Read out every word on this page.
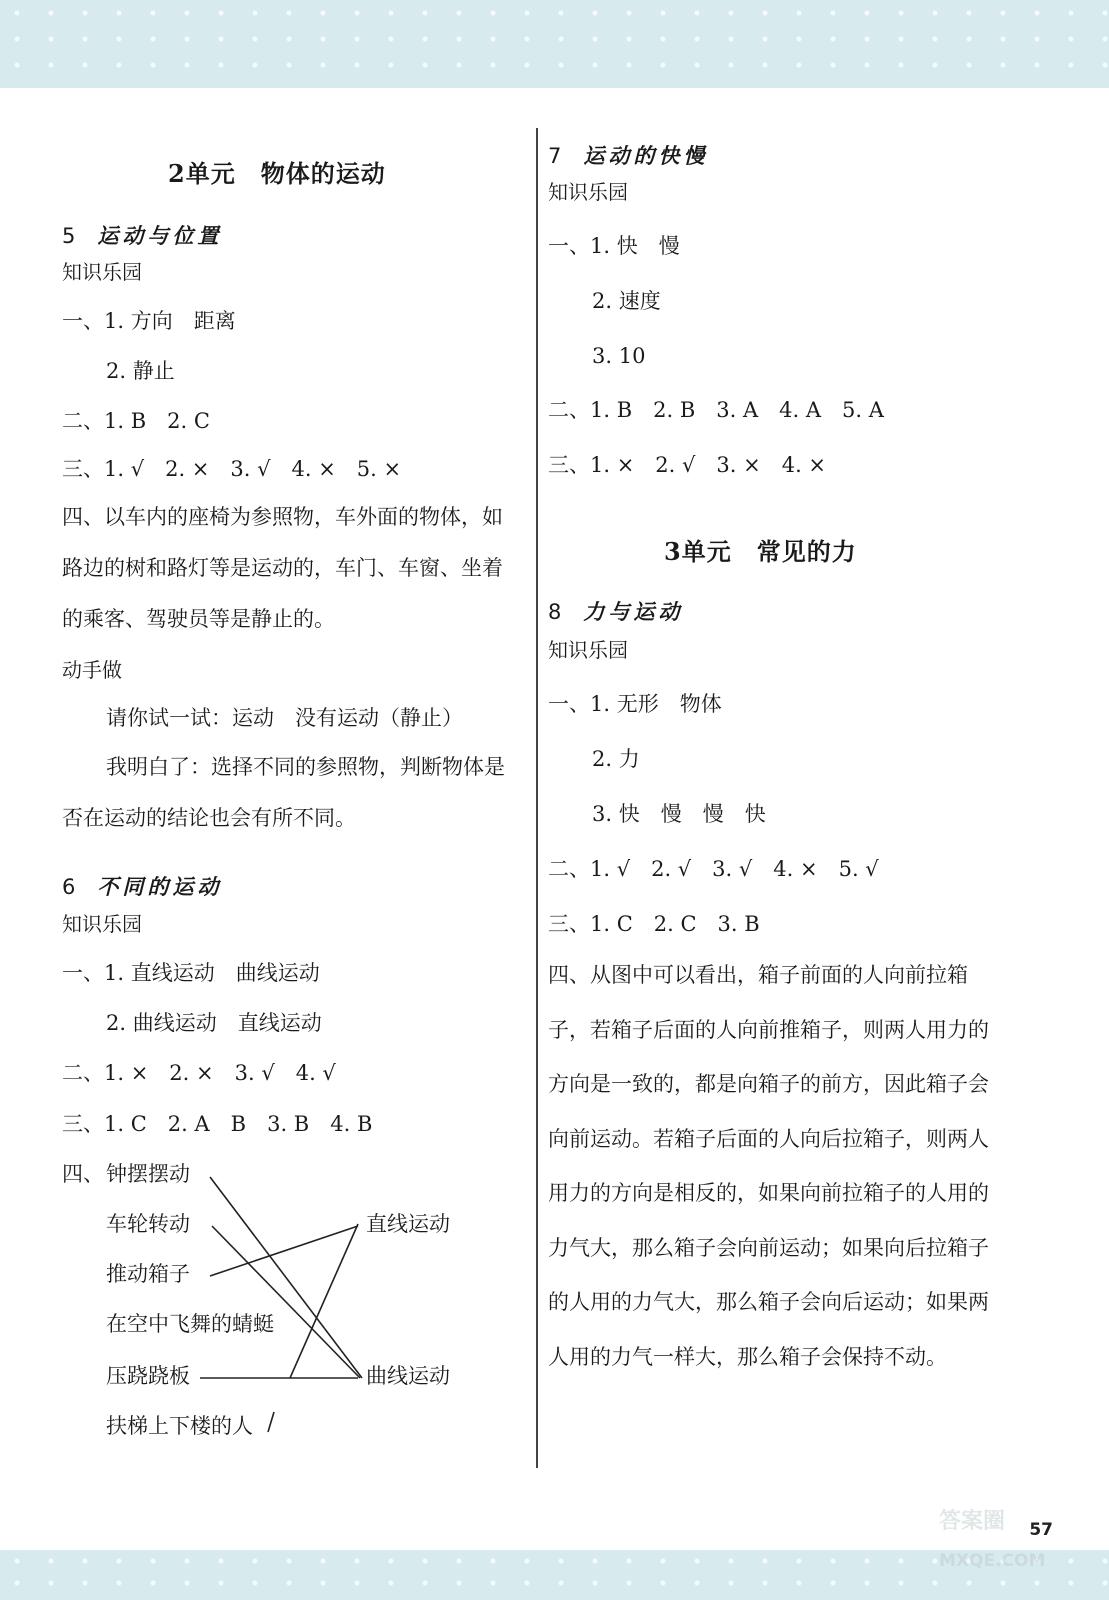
2单元　物体的运动
5 运动与位置
知识乐园
一、1. 方向　距离
2. 静止
二、1. B　2. C
三、1. √　2. ×　3. √　4. ×　5. ×
四、以车内的座椅为参照物，车外面的物体，如路边的树和路灯等是运动的，车门、车窗、坐着的乘客、驾驶员等是静止的。
动手做
请你试一试：运动　没有运动（静止）
我明白了：选择不同的参照物，判断物体是否在运动的结论也会有所不同。
6 不同的运动
知识乐园
一、1. 直线运动　曲线运动
2. 曲线运动　直线运动
二、1. ×　2. ×　3. √　4. √
三、1. C　2. A　B　3. B　4. B
四、 钟摆摆动
车轮转动
推动箱子
在空中飞舞的蜻蜓
压跷跷板
扶梯上下楼的人
直线运动
曲线运动
7 运动的快慢
知识乐园
一、1. 快　慢
2. 速度
3. 10
二、1. B　2. B　3. A　4. A　5. A
三、1. ×　2. √　3. ×　4. ×
3单元　常见的力
8 力与运动
知识乐园
一、1. 无形　物体
2. 力
3. 快　慢　慢　快
二、1. √　2. √　3. √　4. ×　5. √
三、1. C　2. C　3. B
四、从图中可以看出，箱子前面的人向前拉箱子，若箱子后面的人向前推箱子，则两人用力的方向是一致的，都是向箱子的前方，因此箱子会向前运动。若箱子后面的人向后拉箱子，则两人用力的方向是相反的，如果向前拉箱子的人用的力气大，那么箱子会向前运动；如果向后拉箱子的人用的力气大，那么箱子会向后运动；如果两人用的力气一样大，那么箱子会保持不动。
57
答案圈
MXQE.COM
